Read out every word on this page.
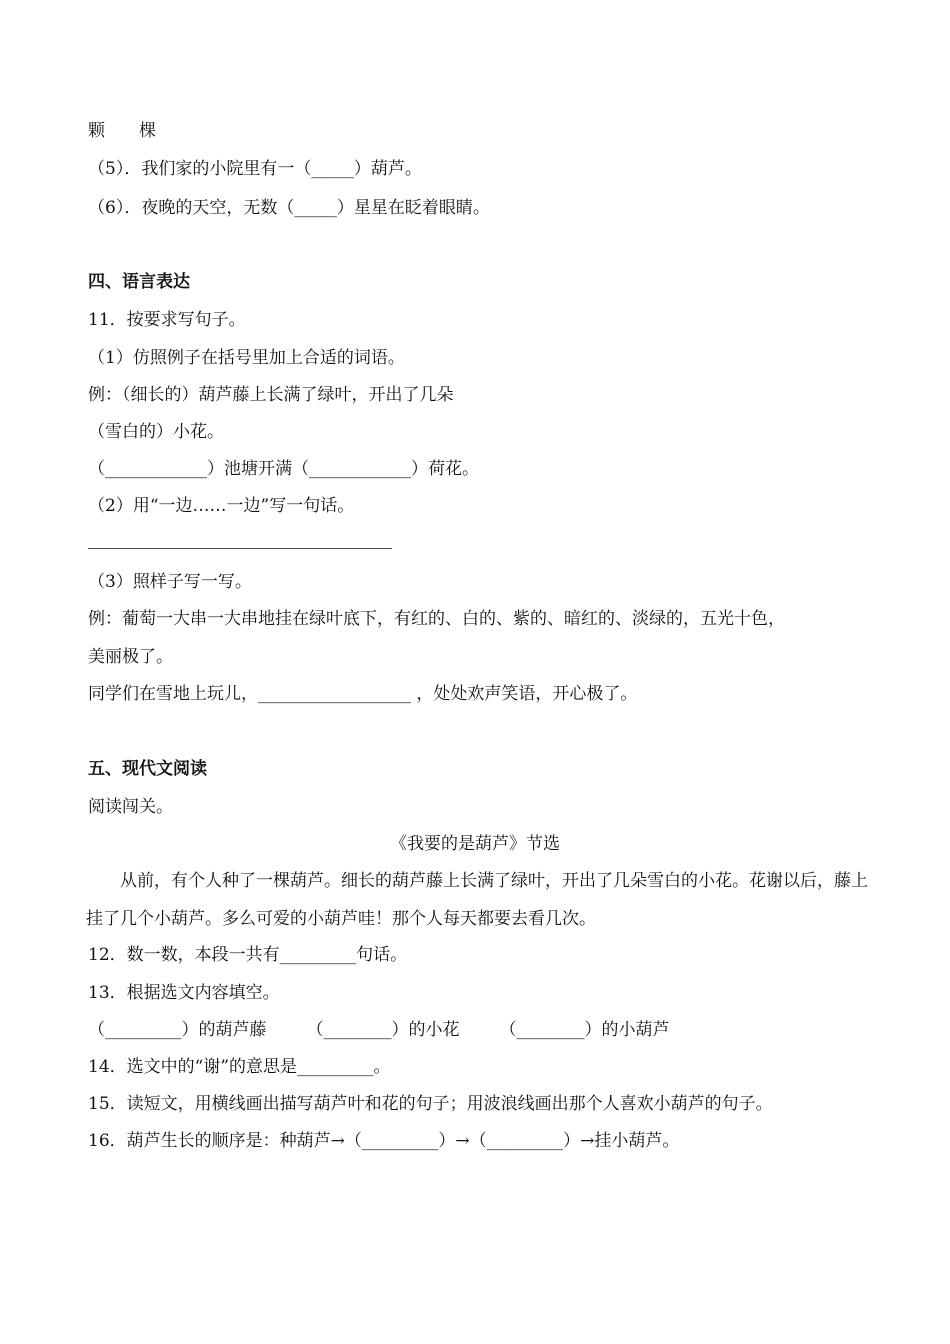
颗　　棵
（5）．我们家的小院里有一（_____）葫芦。
（6）．夜晚的天空，无数（_____）星星在眨着眼睛。
四、语言表达
11．按要求写句子。
（1）仿照例子在括号里加上合适的词语。
例：（细长的）葫芦藤上长满了绿叶，开出了几朵
（雪白的）小花。
（____________）池塘开满（____________）荷花。
（2）用“一边……一边”写一句话。
（3）照样子写一写。
例：葡萄一大串一大串地挂在绿叶底下，有红的、白的、紫的、暗红的、淡绿的，五光十色，
美丽极了。
同学们在雪地上玩儿，__________________ ，处处欢声笑语，开心极了。
五、现代文阅读
阅读闯关。
《我要的是葫芦》节选
从前，有个人种了一棵葫芦。细长的葫芦藤上长满了绿叶，开出了几朵雪白的小花。花谢以后，藤上挂了几个小葫芦。多么可爱的小葫芦哇！那个人每天都要去看几次。
12．数一数，本段一共有_________句话。
13．根据选文内容填空。
（_________）的葫芦藤 （________）的小花 （________）的小葫芦
14．选文中的“谢”的意思是_________。
15．读短文，用横线画出描写葫芦叶和花的句子；用波浪线画出那个人喜欢小葫芦的句子。
16．葫芦生长的顺序是：种葫芦→（_________）→（_________）→挂小葫芦。
